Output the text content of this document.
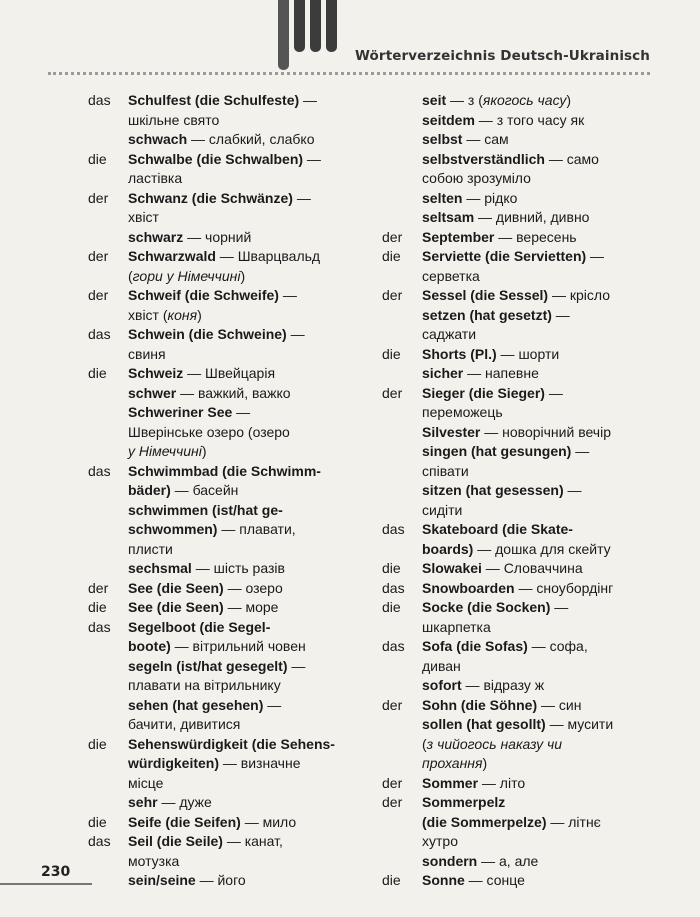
Wörterverzeichnis Deutsch-Ukrainisch
das	Schulfest (die Schulfeste) —
шкільне свято
schwach — слабкий, слабко
die	Schwalbe (die Schwalben) —
ластівка
der	Schwanz (die Schwänze) —
хвіст
schwarz — чорний
der	Schwarzwald — Шварцвальд
(гори у Німеччині)
der	Schweif (die Schweife) —
хвіст (коня)
das	Schwein (die Schweine) —
свиня
die	Schweiz — Швейцарія
schwer — важкий, важко
Schweriner See —
Шверінське озеро (озеро
у Німеччині)
das	Schwimmbad (die Schwimm-
bäder) — басейн
schwimmen (ist/hat ge-
schwommen) — плавати,
плисти
sechsmal — шість разів
der	See (die Seen) — озеро
die	See (die Seen) — море
das	Segelboot (die Segel-
boote) — вітрильний човен
segeln (ist/hat gesegelt) —
плавати на вітрильнику
sehen (hat gesehen) —
бачити, дивитися
die	Sehenswürdigkeit (die Sehens-
würdigkeiten) — визначне
місце
sehr — дуже
die	Seife (die Seifen) — мило
das	Seil (die Seile) — канат,
мотузка
sein/seine — його
seit — з (якогось часу)
seitdem — з того часу як
selbst — сам
selbstverständlich — само
собою зрозуміло
selten — рідко
seltsam — дивний, дивно
der	September — вересень
die	Serviette (die Servietten) —
серветка
der	Sessel (die Sessel) — крісло
setzen (hat gesetzt) —
саджати
die	Shorts (Pl.) — шорти
sicher — напевне
der	Sieger (die Sieger) —
переможець
Silvester — новорічний вечір
singen (hat gesungen) —
співати
sitzen (hat gesessen) —
сидіти
das	Skateboard (die Skate-
boards) — дошка для скейту
die	Slowakei — Словаччина
das	Snowboarden — сноубордінг
die	Socke (die Socken) —
шкарпетка
das	Sofa (die Sofas) — софа,
диван
sofort — відразу ж
der	Sohn (die Söhne) — син
sollen (hat gesollt) — мусити
(з чийогось наказу чи
прохання)
der	Sommer — літо
der	Sommerpelz
(die Sommerpelze) — літнє
хутро
sondern — а, але
die	Sonne — сонце
230
